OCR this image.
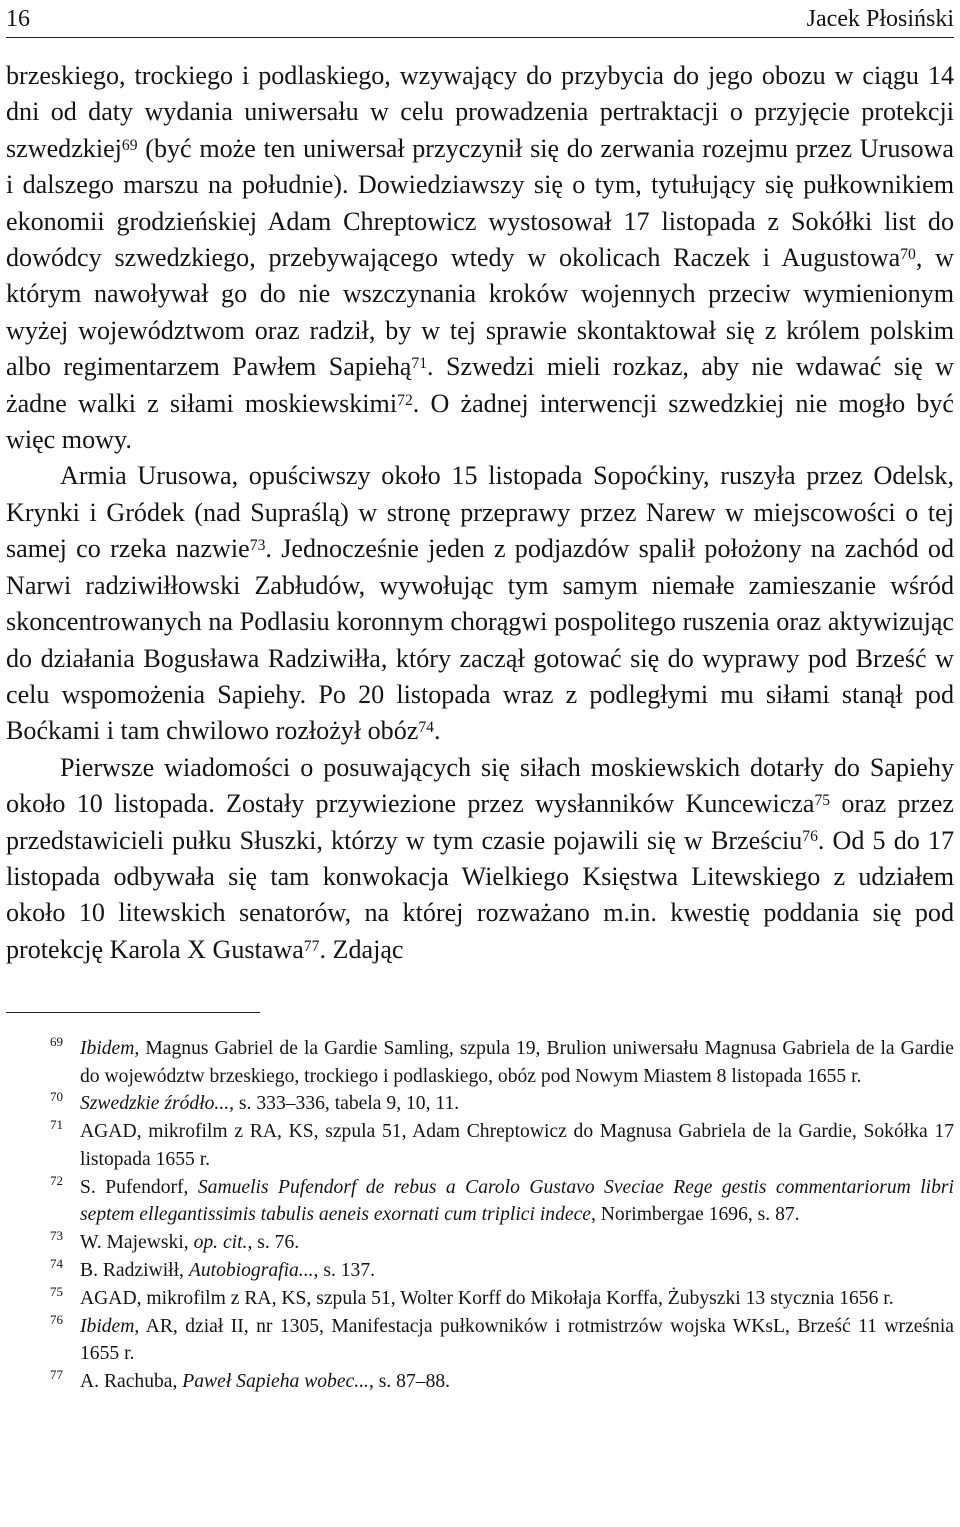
16	Jacek Płosiński

brzeskiego, trockiego i podlaskiego, wzywający do przybycia do jego obozu w ciągu 14 dni od daty wydania uniwersału w celu prowadzenia pertraktacji o przyjęcie protekcji szwedzkiej$^{69}$ (być może ten uniwersał przyczynił się do zerwania rozejmu przez Urusowa i dalszego marszu na południe). Dowiedziawszy się o tym, tytułujący się pułkownikiem ekonomii grodzieńskiej Adam Chreptowicz wystosował 17 listopada z Sokółki list do dowódcy szwedzkiego, przebywającego wtedy w okolicach Raczek i Augustowa$^{70}$, w którym nawoływał go do nie wszczynania kroków wojennych przeciw wymienionym wyżej województwom oraz radził, by w tej sprawie skontaktował się z królem polskim albo regimentarzem Pawłem Sapiehą$^{71}$. Szwedzi mieli rozkaz, aby nie wdawać się w żadne walki z siłami moskiewskimi$^{72}$. O żadnej interwencji szwedzkiej nie mogło być więc mowy.

Armia Urusowa, opuściwszy około 15 listopada Sopoćkiny, ruszyła przez Odelsk, Krynki i Gródek (nad Supraślą) w stronę przeprawy przez Narew w miejscowości o tej samej co rzeka nazwie$^{73}$. Jednocześnie jeden z podjazdów spalił położony na zachód od Narwi radziwiłłowski Zabłudów, wywołując tym samym niemałe zamieszanie wśród skoncentrowanych na Podlasiu koronnym chorągwi pospolitego ruszenia oraz aktywizując do działania Bogusława Radziwiłła, który zaczął gotować się do wyprawy pod Brześć w celu wspomożenia Sapiehy. Po 20 listopada wraz z podległymi mu siłami stanął pod Boćkami i tam chwilowo rozłożył obóz$^{74}$.

Pierwsze wiadomości o posuwających się siłach moskiewskich dotarły do Sapiehy około 10 listopada. Zostały przywiezione przez wysłanników Kuncewicza$^{75}$ oraz przez przedstawicieli pułku Słuszki, którzy w tym czasie pojawili się w Brześciu$^{76}$. Od 5 do 17 listopada odbywała się tam konwokacja Wielkiego Księstwa Litewskiego z udziałem około 10 litewskich senatorów, na której rozważano m.in. kwestię poddania się pod protekcję Karola X Gustawa$^{77}$. Zdając

69 Ibidem, Magnus Gabriel de la Gardie Samling, szpula 19, Brulion uniwersału Magnusa Gabriela de la Gardie do województw brzeskiego, trockiego i podlaskiego, obóz pod Nowym Miastem 8 listopada 1655 r.
70 Szwedzkie źródło..., s. 333–336, tabela 9, 10, 11.
71 AGAD, mikrofilm z RA, KS, szpula 51, Adam Chreptowicz do Magnusa Gabriela de la Gardie, Sokółka 17 listopada 1655 r.
72 S. Pufendorf, Samuelis Pufendorf de rebus a Carolo Gustavo Sveciae Rege gestis commentariorum libri septem ellegantissimis tabulis aeneis exornati cum triplici indece, Norimbergae 1696, s. 87.
73 W. Majewski, op. cit., s. 76.
74 B. Radziwiłł, Autobiografia..., s. 137.
75 AGAD, mikrofilm z RA, KS, szpula 51, Wolter Korff do Mikołaja Korffa, Żubyszki 13 stycznia 1656 r.
76 Ibidem, AR, dział II, nr 1305, Manifestacja pułkowników i rotmistrzów wojska WKsL, Brześć 11 września 1655 r.
77 A. Rachuba, Paweł Sapieha wobec..., s. 87–88.
